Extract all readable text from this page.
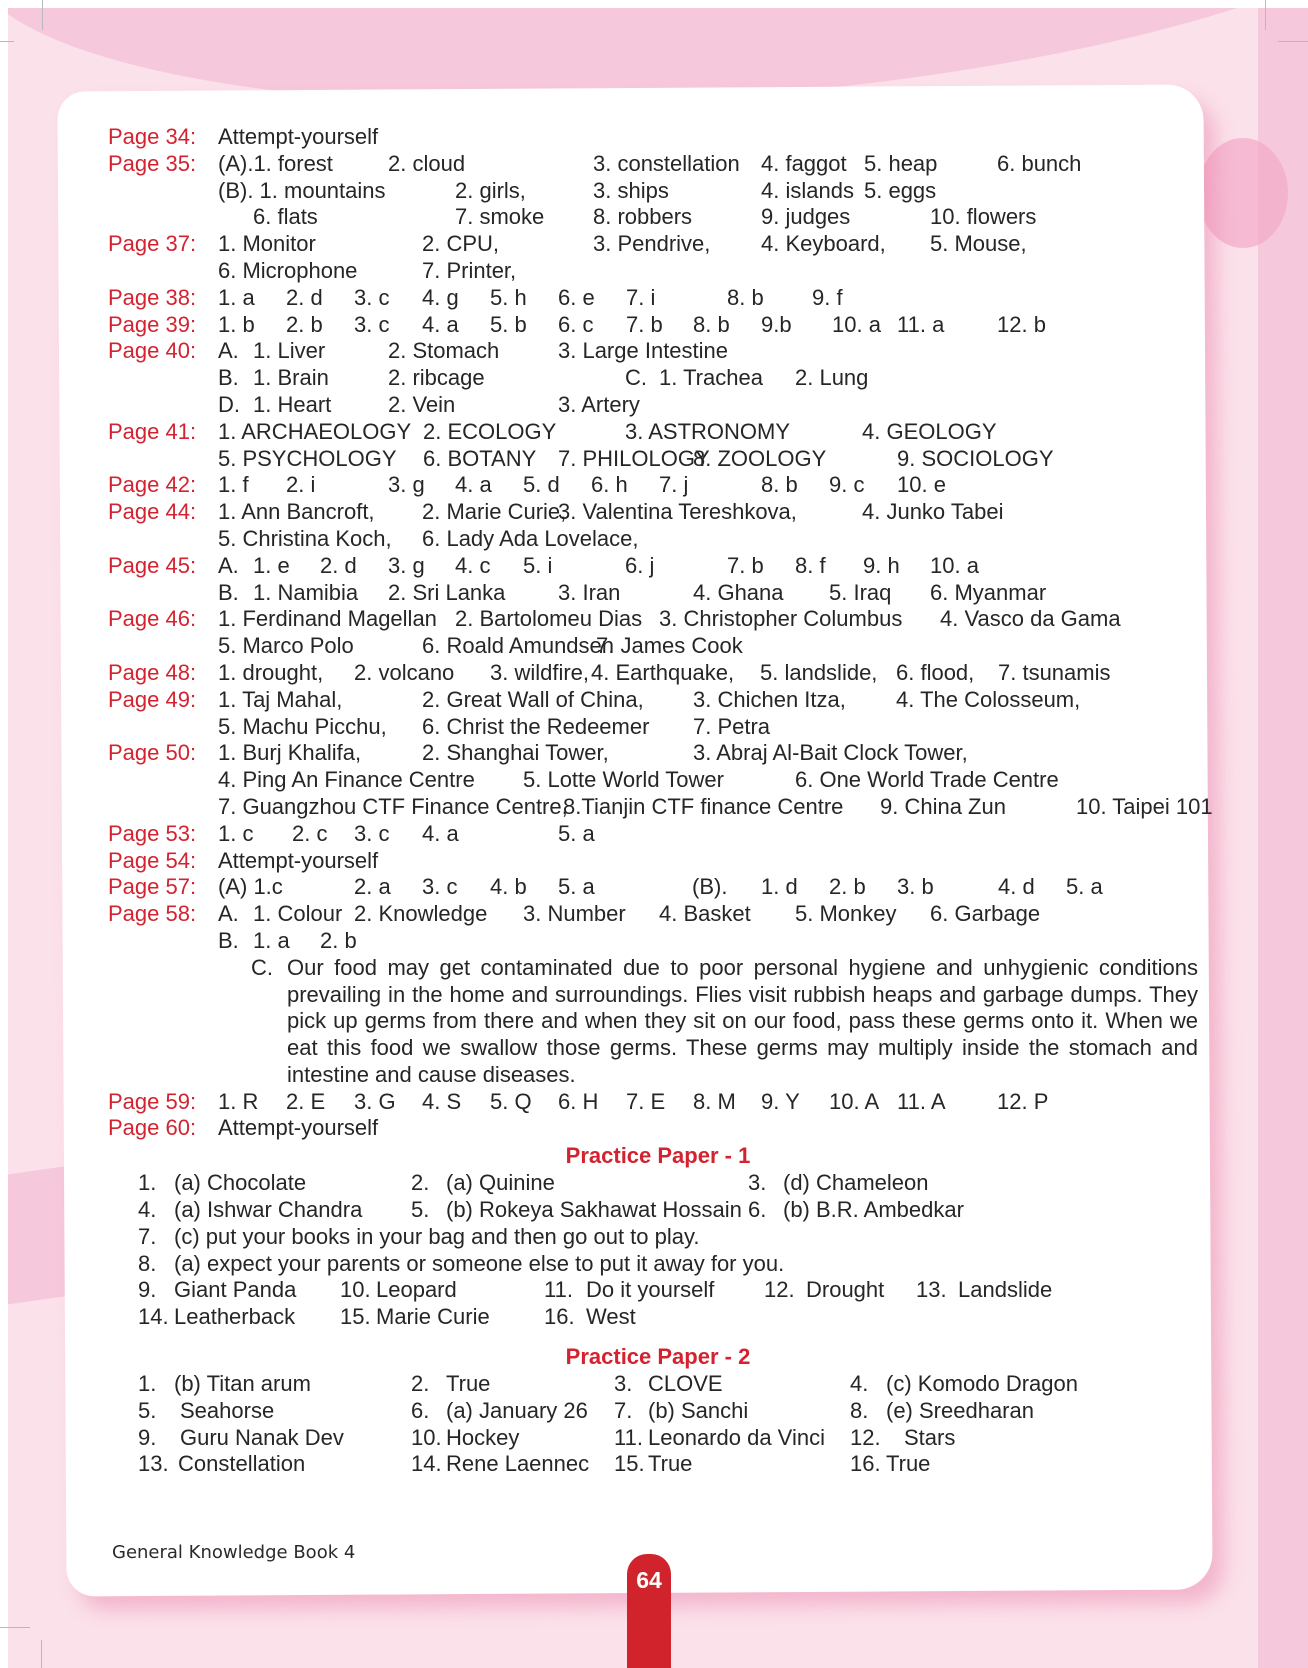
Page 34: Attempt-yourself
Page 35: (A).1. forest	2. cloud	3. constellation 4. faggot 5. heap	6. bunch
(B). 1. mountains	2. girls,	3. ships	4. islands 5. eggs
6. flats	7. smoke 8. robbers	9. judges	10. flowers
Page 37: 1. Monitor	2. CPU,	3. Pendrive, 4. Keyboard, 5. Mouse,
6. Microphone	7. Printer,
Page 38: 1. a 2. d 3. c 4. g 5. h 6. e 7. i	8. b 9. f
Page 39: 1. b 2. b 3. c 4. a 5. b 6. c 7. b 8. b 9.b 10. a 11. a 12. b
Page 40: A. 1. Liver	2. Stomach	3. Large Intestine
B. 1. Brain	2. ribcage	C. 1. Trachea 2. Lung
D. 1. Heart	2. Vein	3. Artery
Page 41: 1. ARCHAEOLOGY 2. ECOLOGY	3. ASTRONOMY	4. GEOLOGY
5. PSYCHOLOGY 6. BOTANY 7. PHILOLOGY
8. ZOOLOGY	9. SOCIOLOGY
Page 42: 1. f 2. i	3. g 4. a 5. d 6. h 7. j	8. b 9. c 10. e
Page 44: 1. Ann Bancroft, 2. Marie Curie,
3. Valentina Tereshkova,	4. Junko Tabei
5. Christina Koch, 6. Lady Ada Lovelace,
Page 45: A. 1. e 2. d 3. g 4. c 5. i	6. j	7. b 8. f 9. h 10. a
B. 1. Namibia 2. Sri Lanka 3. Iran	4. Ghana 5. Iraq 6. Myanmar
Page 46: 1. Ferdinand Magellan 2. Bartolomeu Dias 3. Christopher Columbus 4. Vasco da Gama
5. Marco Polo	6. Roald Amundsen
7. James Cook
Page 48: 1. drought, 2. volcano 3. wildfire, 4. Earthquake, 5. landslide, 6. flood, 7. tsunamis
Page 49: 1. Taj Mahal,	2. Great Wall of China, 3. Chichen Itza, 4. The Colosseum,
5. Machu Picchu, 6. Christ the Redeemer 7. Petra
Page 50: 1. Burj Khalifa,	2. Shanghai Tower,	3. Abraj Al-Bait Clock Tower,
4. Ping An Finance Centre 5. Lotte World Tower	6. One World Trade Centre
7. Guangzhou CTF Finance Centre,
8.Tianjin CTF finance Centre 9. China Zun	10. Taipei 101
Page 53: 1. c 2. c 3. c 4. a	5. a
Page 54: Attempt-yourself
Page 57: (A) 1.c	2. a 3. c 4. b 5. a	(B). 1. d 2. b 3. b	4. d 5. a
Page 58: A. 1. Colour 2. Knowledge 3. Number 4. Basket 5. Monkey 6. Garbage
B. 1. a 2. b
C. Our food may get contaminated due to poor personal hygiene and unhygienic conditions prevailing in the home and surroundings. Flies visit rubbish heaps and garbage dumps. They pick up germs from there and when they sit on our food, pass these germs onto it. When we eat this food we swallow those germs. These germs may multiply inside the stomach and intestine and cause diseases.
Page 59: 1. R 2. E 3. G 4. S 5. Q 6. H 7. E 8. M 9. Y 10. A 11. A 12. P
Page 60: Attempt-yourself
Practice Paper - 1
1. (a) Chocolate	2. (a) Quinine	3. (d) Chameleon
4. (a) Ishwar Chandra 5. (b) Rokeya Sakhawat Hossain 6. (b) B.R. Ambedkar
7. (c) put your books in your bag and then go out to play.
8. (a) expect your parents or someone else to put it away for you.
9. Giant Panda 10. Leopard	11. Do it yourself 12. Drought 13. Landslide
14. Leatherback 15. Marie Curie 16. West
Practice Paper - 2
1. (b) Titan arum	2. True	3. CLOVE	4. (c) Komodo Dragon
5. Seahorse	6. (a) January 26 7. (b) Sanchi	8. (e) Sreedharan
9. Guru Nanak Dev	10. Hockey	11. Leonardo da Vinci 12. Stars
13. Constellation	14. Rene Laennec 15. True	16. True
General Knowledge Book 4
64
